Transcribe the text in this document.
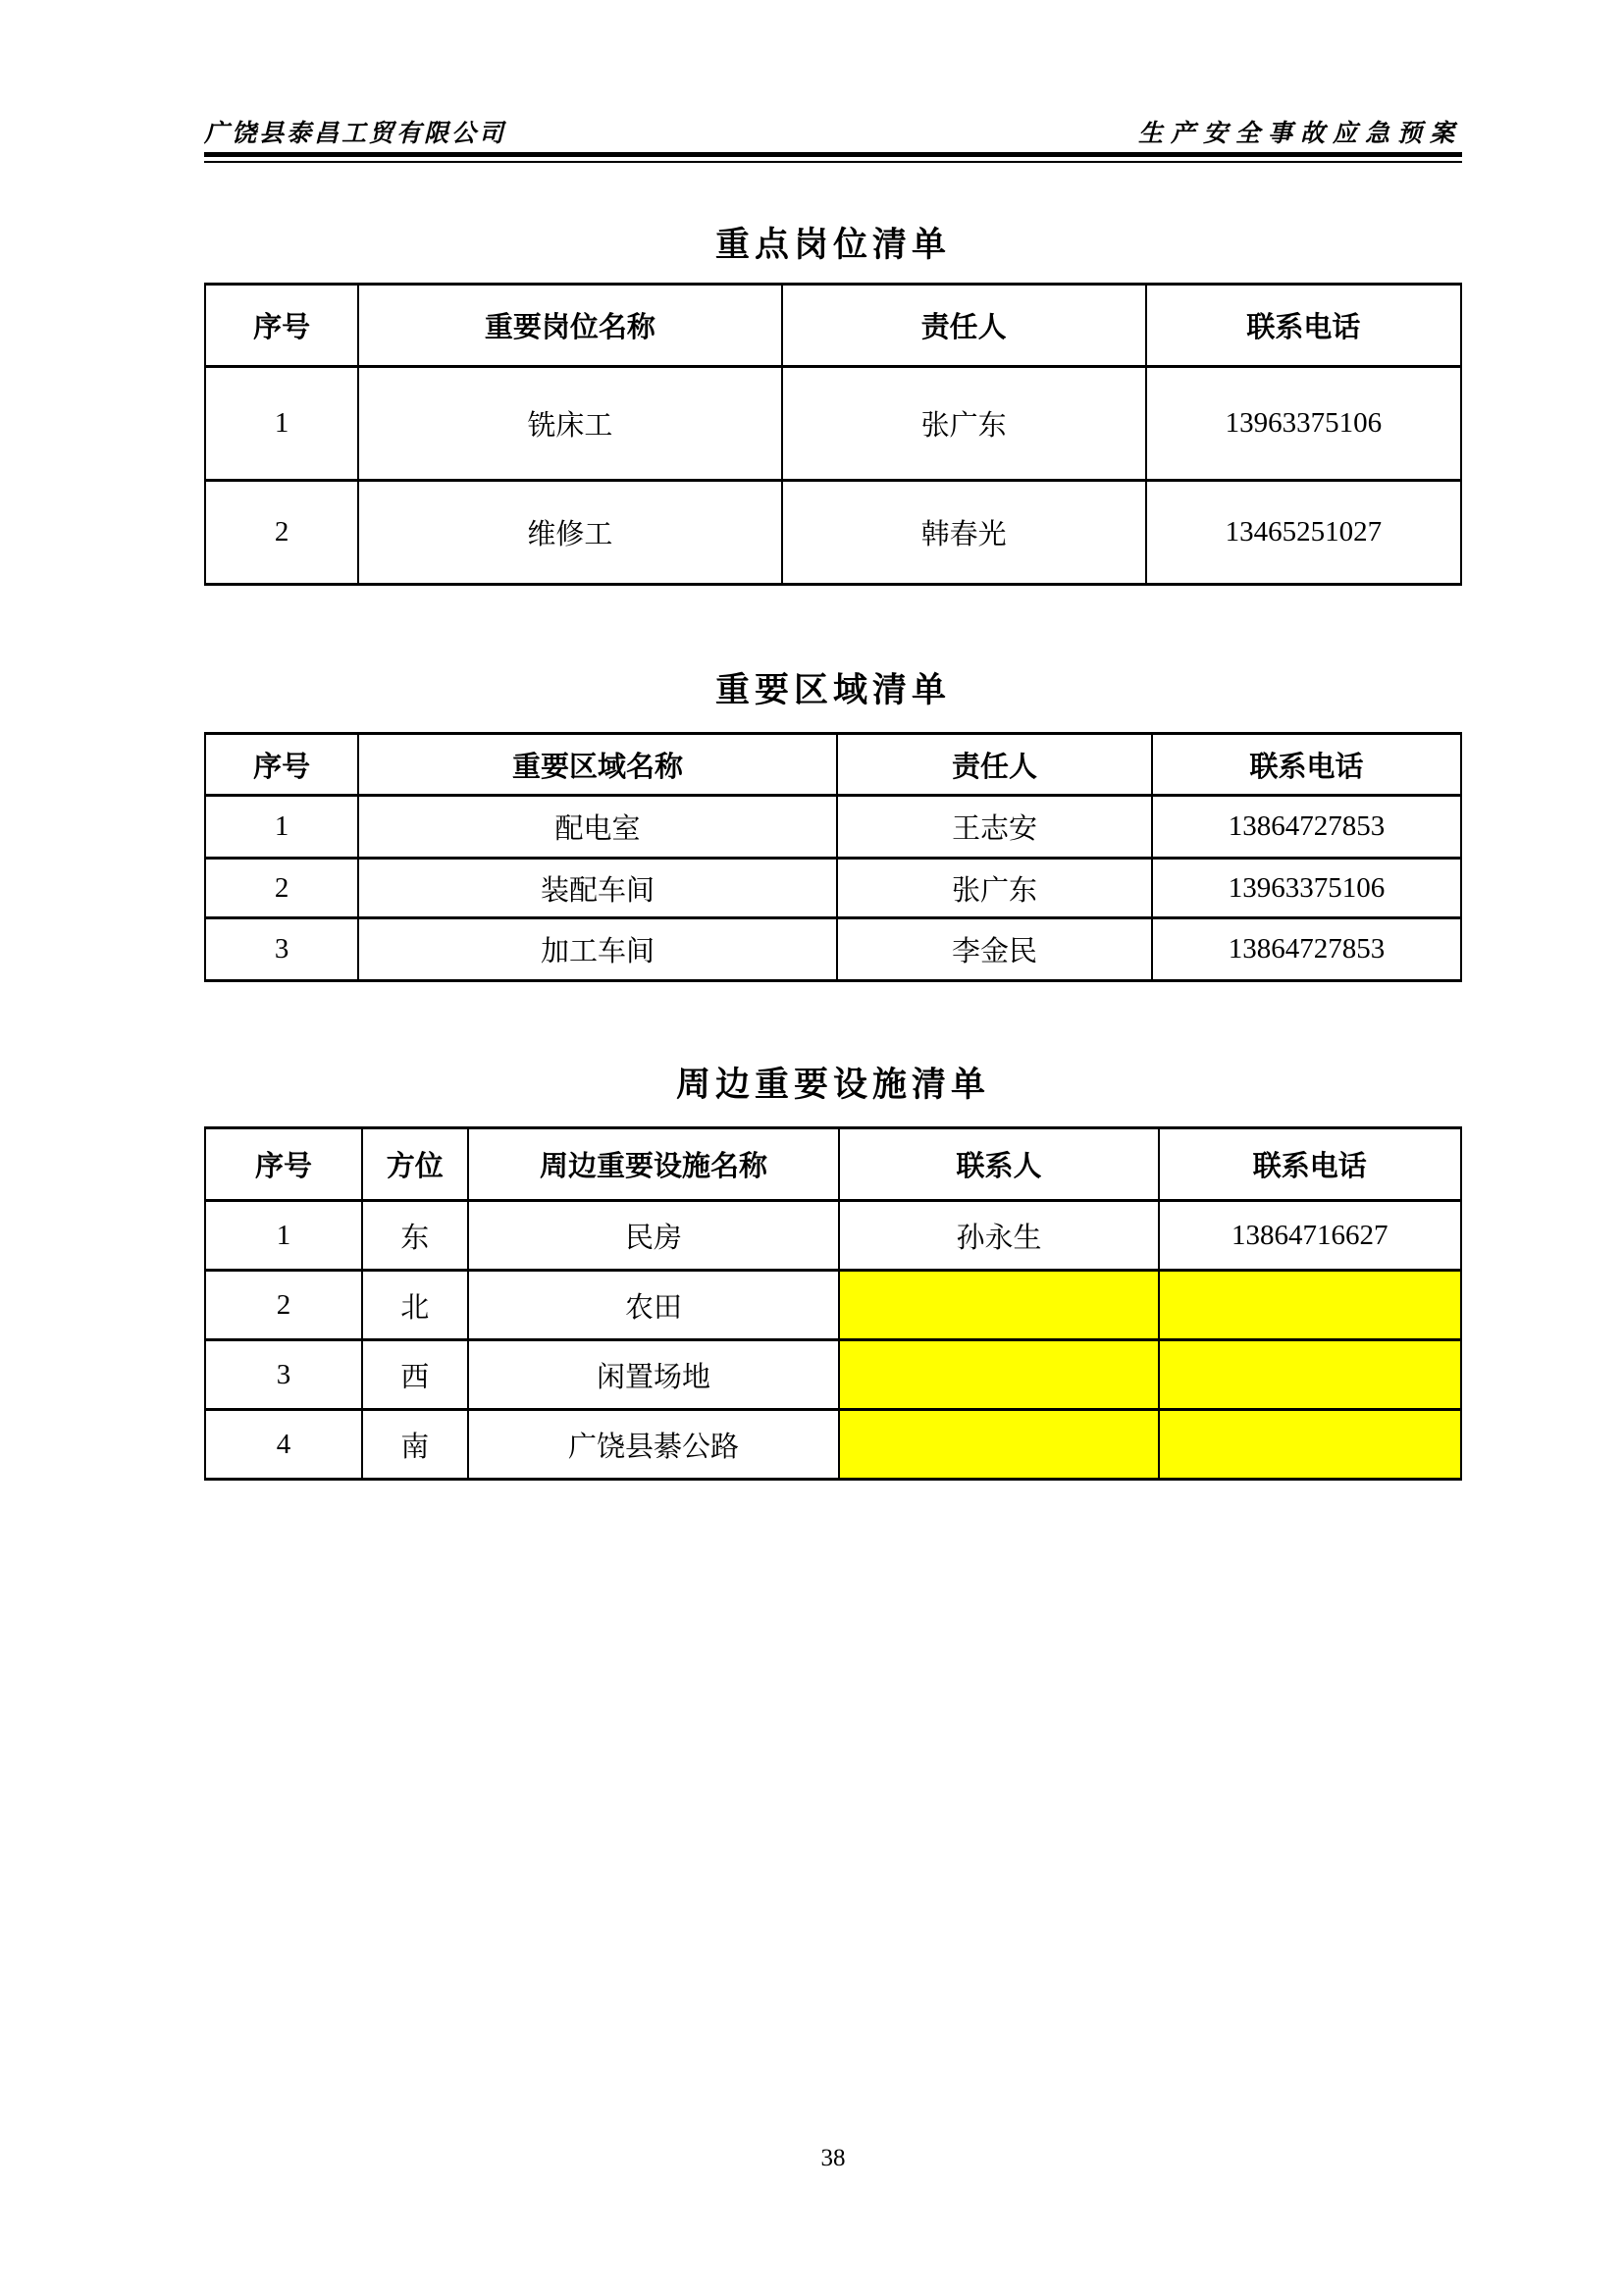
广饶县泰昌工贸有限公司	生产安全事故应急预案
重点岗位清单
序号	重要岗位名称	责任人	联系电话
1	铣床工	张广东	13963375106
2	维修工	韩春光	13465251027
重要区域清单
序号	重要区域名称	责任人	联系电话
1	配电室	王志安	13864727853
2	装配车间	张广东	13963375106
3	加工车间	李金民	13864727853
周边重要设施清单
序号	方位	周边重要设施名称	联系人	联系电话
1	东	民房	孙永生	13864716627
2	北	农田		
3	西	闲置场地		
4	南	广饶县綦公路		
38
